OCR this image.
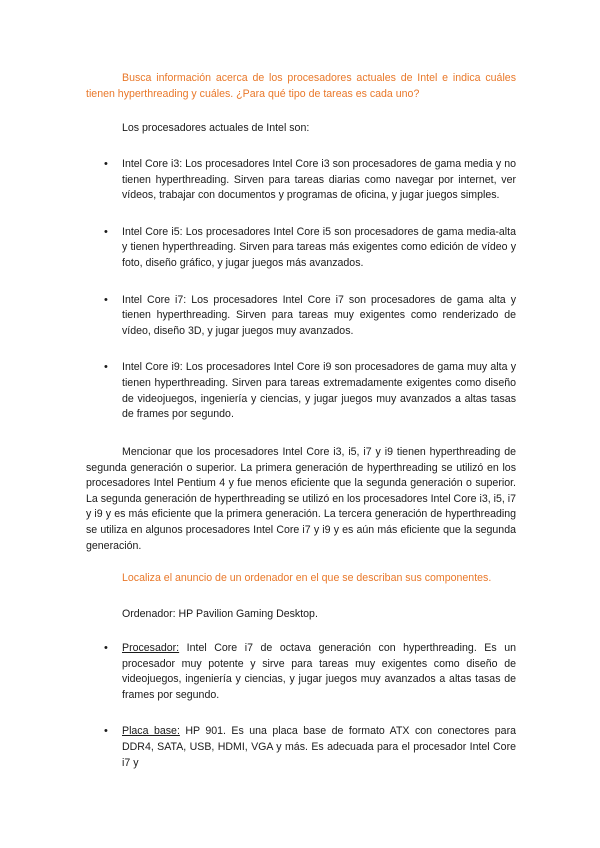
Busca información acerca de los procesadores actuales de Intel e indica cuáles tienen hyperthreading y cuáles. ¿Para qué tipo de tareas es cada uno?

Los procesadores actuales de Intel son:

• Intel Core i3: Los procesadores Intel Core i3 son procesadores de gama media y no tienen hyperthreading. Sirven para tareas diarias como navegar por internet, ver vídeos, trabajar con documentos y programas de oficina, y jugar juegos simples.
• Intel Core i5: Los procesadores Intel Core i5 son procesadores de gama media-alta y tienen hyperthreading. Sirven para tareas más exigentes como edición de vídeo y foto, diseño gráfico, y jugar juegos más avanzados.
• Intel Core i7: Los procesadores Intel Core i7 son procesadores de gama alta y tienen hyperthreading. Sirven para tareas muy exigentes como renderizado de vídeo, diseño 3D, y jugar juegos muy avanzados.
• Intel Core i9: Los procesadores Intel Core i9 son procesadores de gama muy alta y tienen hyperthreading. Sirven para tareas extremadamente exigentes como diseño de videojuegos, ingeniería y ciencias, y jugar juegos muy avanzados a altas tasas de frames por segundo.

Mencionar que los procesadores Intel Core i3, i5, i7 y i9 tienen hyperthreading de segunda generación o superior. La primera generación de hyperthreading se utilizó en los procesadores Intel Pentium 4 y fue menos eficiente que la segunda generación o superior. La segunda generación de hyperthreading se utilizó en los procesadores Intel Core i3, i5, i7 y i9 y es más eficiente que la primera generación. La tercera generación de hyperthreading se utiliza en algunos procesadores Intel Core i7 y i9 y es aún más eficiente que la segunda generación.

Localiza el anuncio de un ordenador en el que se describan sus componentes.

Ordenador: HP Pavilion Gaming Desktop.

• Procesador: Intel Core i7 de octava generación con hyperthreading. Es un procesador muy potente y sirve para tareas muy exigentes como diseño de videojuegos, ingeniería y ciencias, y jugar juegos muy avanzados a altas tasas de frames por segundo.
• Placa base: HP 901. Es una placa base de formato ATX con conectores para DDR4, SATA, USB, HDMI, VGA y más. Es adecuada para el procesador Intel Core i7 y
